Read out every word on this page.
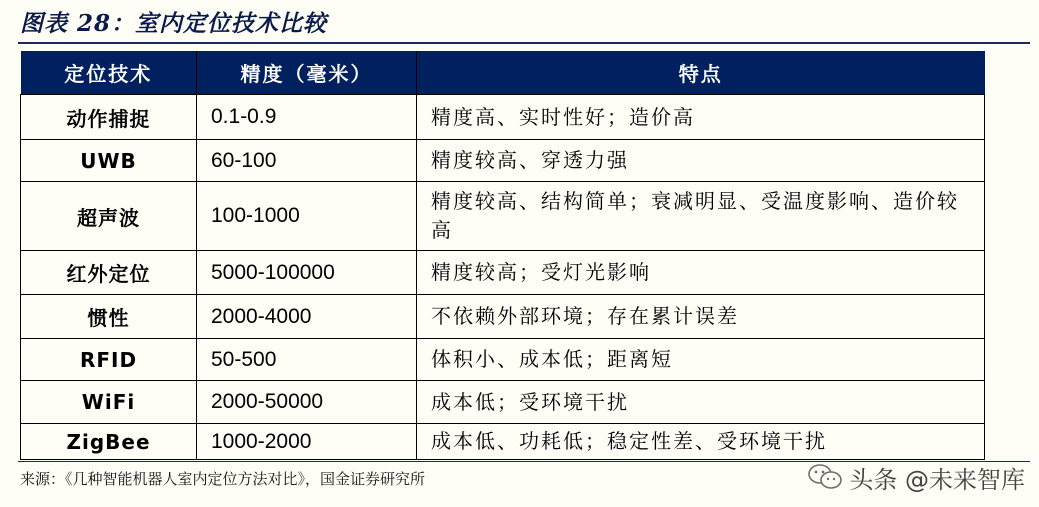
图表 28：室内定位技术比较
定位技术	精度（毫米）	特点
动作捕捉	0.1-0.9	精度高、实时性好；造价高
UWB	60-100	精度较高、穿透力强
超声波	100-1000	精度较高、结构简单；衰减明显、受温度影响、造价较高
红外定位	5000-100000	精度较高；受灯光影响
惯性	2000-4000	不依赖外部环境；存在累计误差
RFID	50-500	体积小、成本低；距离短
WiFi	2000-50000	成本低；受环境干扰
ZigBee	1000-2000	成本低、功耗低；稳定性差、受环境干扰
来源：《几种智能机器人室内定位方法对比》，国金证券研究所	头条 @未来智库
